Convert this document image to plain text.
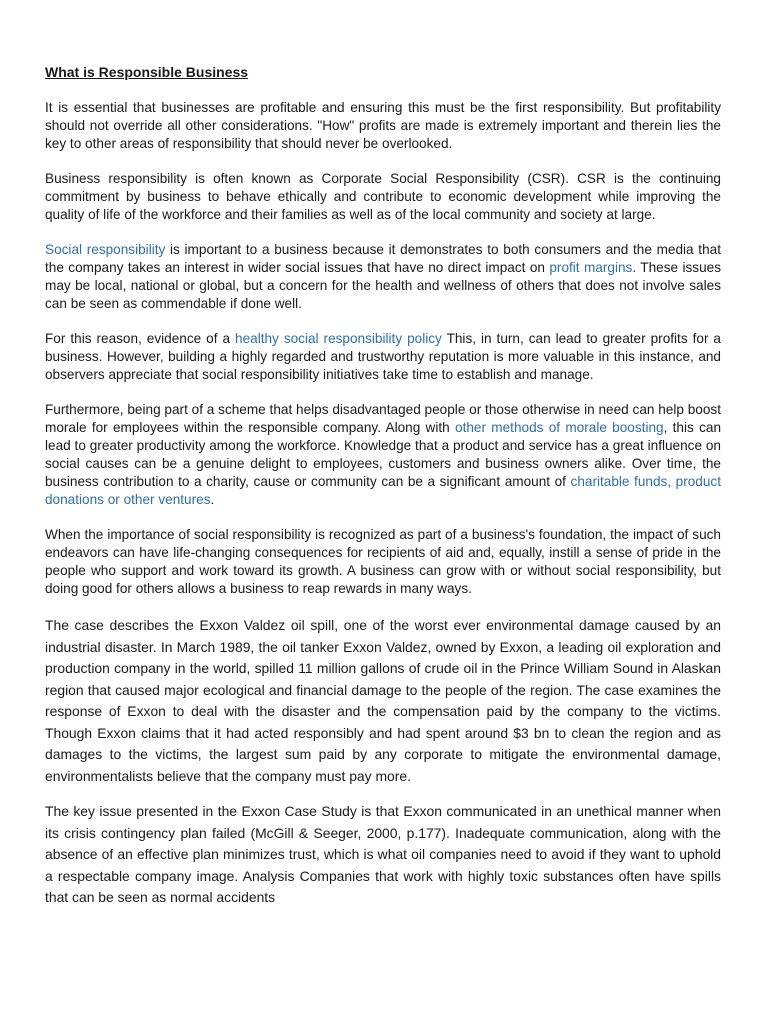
What is Responsible Business

It is essential that businesses are profitable and ensuring this must be the first responsibility. But profitability should not override all other considerations. "How" profits are made is extremely important and therein lies the key to other areas of responsibility that should never be overlooked.

Business responsibility is often known as Corporate Social Responsibility (CSR). CSR is the continuing commitment by business to behave ethically and contribute to economic development while improving the quality of life of the workforce and their families as well as of the local community and society at large.

Social responsibility is important to a business because it demonstrates to both consumers and the media that the company takes an interest in wider social issues that have no direct impact on profit margins. These issues may be local, national or global, but a concern for the health and wellness of others that does not involve sales can be seen as commendable if done well.

For this reason, evidence of a healthy social responsibility policy This, in turn, can lead to greater profits for a business. However, building a highly regarded and trustworthy reputation is more valuable in this instance, and observers appreciate that social responsibility initiatives take time to establish and manage.

Furthermore, being part of a scheme that helps disadvantaged people or those otherwise in need can help boost morale for employees within the responsible company. Along with other methods of morale boosting, this can lead to greater productivity among the workforce. Knowledge that a product and service has a great influence on social causes can be a genuine delight to employees, customers and business owners alike. Over time, the business contribution to a charity, cause or community can be a significant amount of charitable funds, product donations or other ventures.

When the importance of social responsibility is recognized as part of a business's foundation, the impact of such endeavors can have life-changing consequences for recipients of aid and, equally, instill a sense of pride in the people who support and work toward its growth. A business can grow with or without social responsibility, but doing good for others allows a business to reap rewards in many ways.

The case describes the Exxon Valdez oil spill, one of the worst ever environmental damage caused by an industrial disaster. In March 1989, the oil tanker Exxon Valdez, owned by Exxon, a leading oil exploration and production company in the world, spilled 11 million gallons of crude oil in the Prince William Sound in Alaskan region that caused major ecological and financial damage to the people of the region. The case examines the response of Exxon to deal with the disaster and the compensation paid by the company to the victims. Though Exxon claims that it had acted responsibly and had spent around $3 bn to clean the region and as damages to the victims, the largest sum paid by any corporate to mitigate the environmental damage, environmentalists believe that the company must pay more.

The key issue presented in the Exxon Case Study is that Exxon communicated in an unethical manner when its crisis contingency plan failed (McGill & Seeger, 2000, p.177). Inadequate communication, along with the absence of an effective plan minimizes trust, which is what oil companies need to avoid if they want to uphold a respectable company image. Analysis Companies that work with highly toxic substances often have spills that can be seen as normal accidents
